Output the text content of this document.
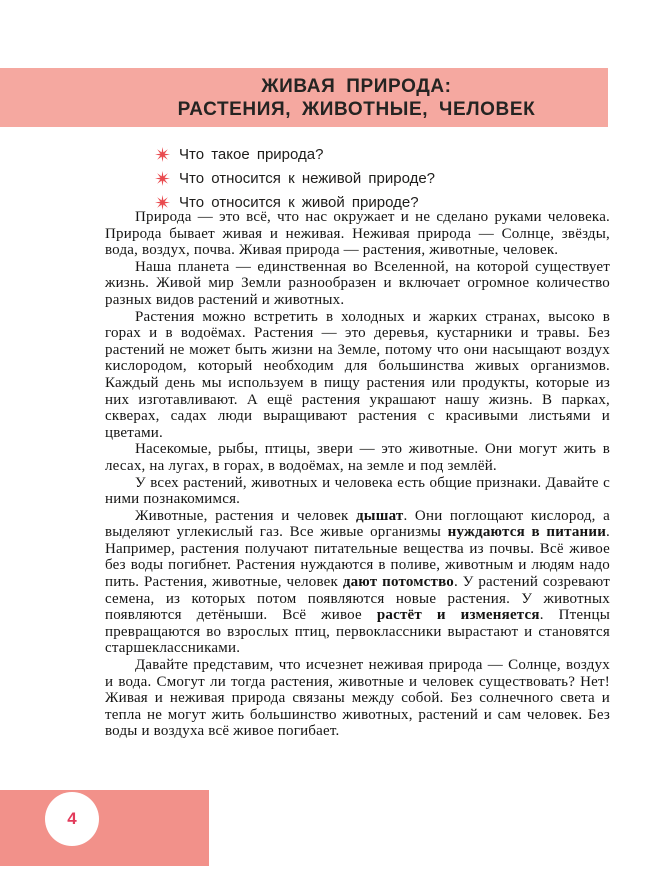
ЖИВАЯ ПРИРОДА:
РАСТЕНИЯ, ЖИВОТНЫЕ, ЧЕЛОВЕК
Что такое природа?
Что относится к неживой природе?
Что относится к живой природе?

Природа — это всё, что нас окружает и не сделано руками человека. Природа бывает живая и неживая. Неживая природа — Солнце, звёзды, вода, воздух, почва. Живая природа — растения, животные, человек.

Наша планета — единственная во Вселенной, на которой существует жизнь. Живой мир Земли разнообразен и включает огромное количество разных видов растений и животных.

Растения можно встретить в холодных и жарких странах, высоко в горах и в водоёмах. Растения — это деревья, кустарники и травы. Без растений не может быть жизни на Земле, потому что они насыщают воздух кислородом, который необходим для большинства живых организмов. Каждый день мы используем в пищу растения или продукты, которые из них изготавливают. А ещё растения украшают нашу жизнь. В парках, скверах, садах люди выращивают растения с красивыми листьями и цветами.

Насекомые, рыбы, птицы, звери — это животные. Они могут жить в лесах, на лугах, в горах, в водоёмах, на земле и под землёй.

У всех растений, животных и человека есть общие признаки. Давайте с ними познакомимся.

Животные, растения и человек дышат. Они поглощают кислород, а выделяют углекислый газ. Все живые организмы нуждаются в питании. Например, растения получают питательные вещества из почвы. Всё живое без воды погибнет. Растения нуждаются в поливе, животным и людям надо пить. Растения, животные, человек дают потомство. У растений созревают семена, из которых потом появляются новые растения. У животных появляются детёныши. Всё живое растёт и изменяется. Птенцы превращаются во взрослых птиц, первоклассники вырастают и становятся старшеклассниками.

Давайте представим, что исчезнет неживая природа — Солнце, воздух и вода. Смогут ли тогда растения, животные и человек существовать? Нет! Живая и неживая природа связаны между собой. Без солнечного света и тепла не могут жить большинство животных, растений и сам человек. Без воды и воздуха всё живое погибает.

4
